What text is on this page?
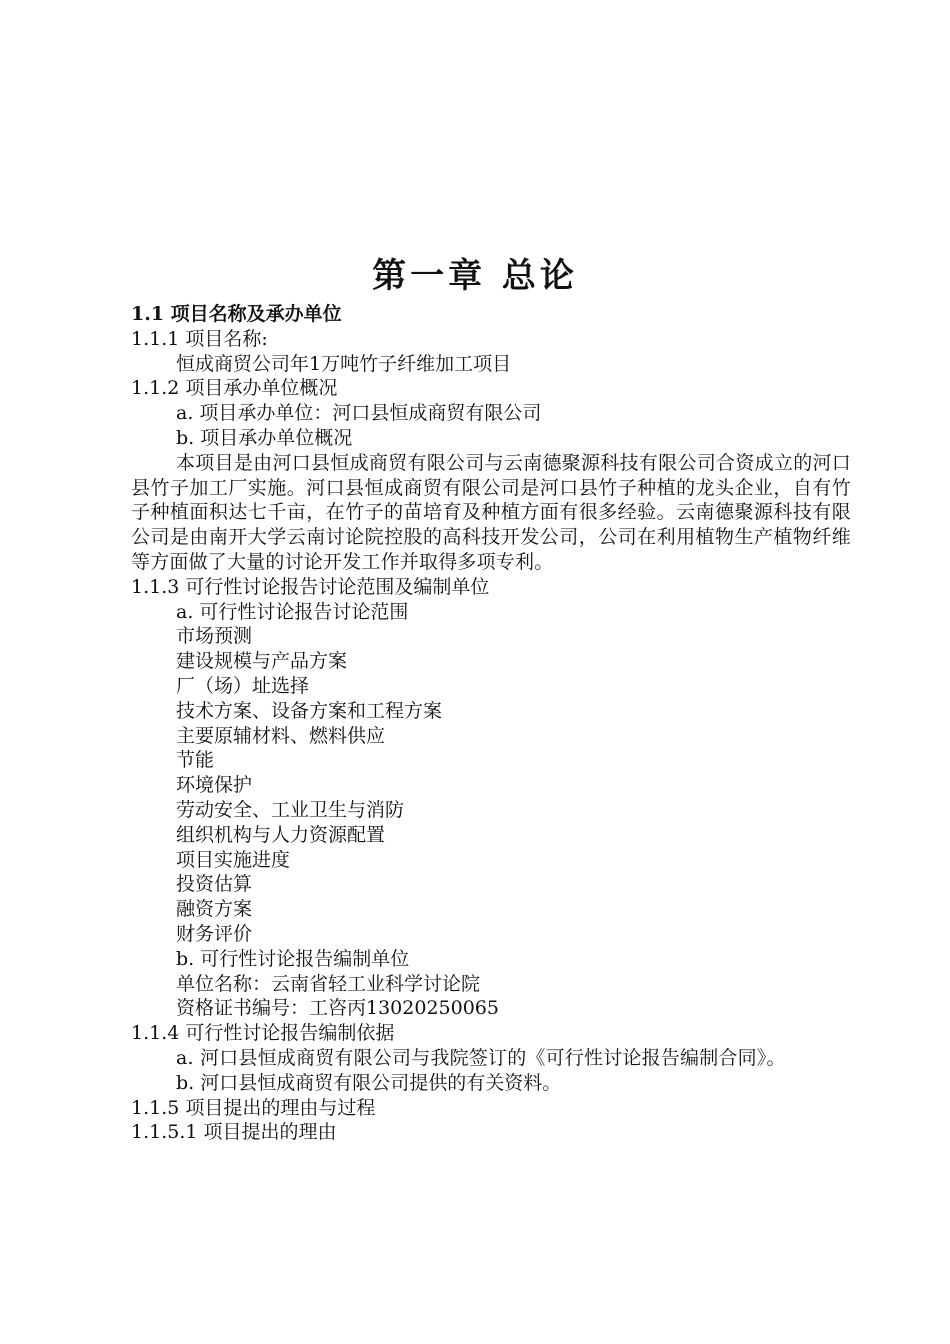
第一章 总论
1.1 项目名称及承办单位
1.1.1 项目名称:
恒成商贸公司年1万吨竹子纤维加工项目
1.1.2 项目承办单位概况
a. 项目承办单位：河口县恒成商贸有限公司
b. 项目承办单位概况
本项目是由河口县恒成商贸有限公司与云南德聚源科技有限公司合资成立的河口县竹子加工厂实施。河口县恒成商贸有限公司是河口县竹子种植的龙头企业，自有竹子种植面积达七千亩，在竹子的苗培育及种植方面有很多经验。云南德聚源科技有限公司是由南开大学云南讨论院控股的高科技开发公司，公司在利用植物生产植物纤维等方面做了大量的讨论开发工作并取得多项专利。
1.1.3 可行性讨论报告讨论范围及编制单位
a. 可行性讨论报告讨论范围
市场预测
建设规模与产品方案
厂（场）址选择
技术方案、设备方案和工程方案
主要原辅材料、燃料供应
节能
环境保护
劳动安全、工业卫生与消防
组织机构与人力资源配置
项目实施进度
投资估算
融资方案
财务评价
b. 可行性讨论报告编制单位
单位名称：云南省轻工业科学讨论院
资格证书编号：工咨丙13020250065
1.1.4 可行性讨论报告编制依据
a. 河口县恒成商贸有限公司与我院签订的《可行性讨论报告编制合同》。
b. 河口县恒成商贸有限公司提供的有关资料。
1.1.5 项目提出的理由与过程
1.1.5.1 项目提出的理由
